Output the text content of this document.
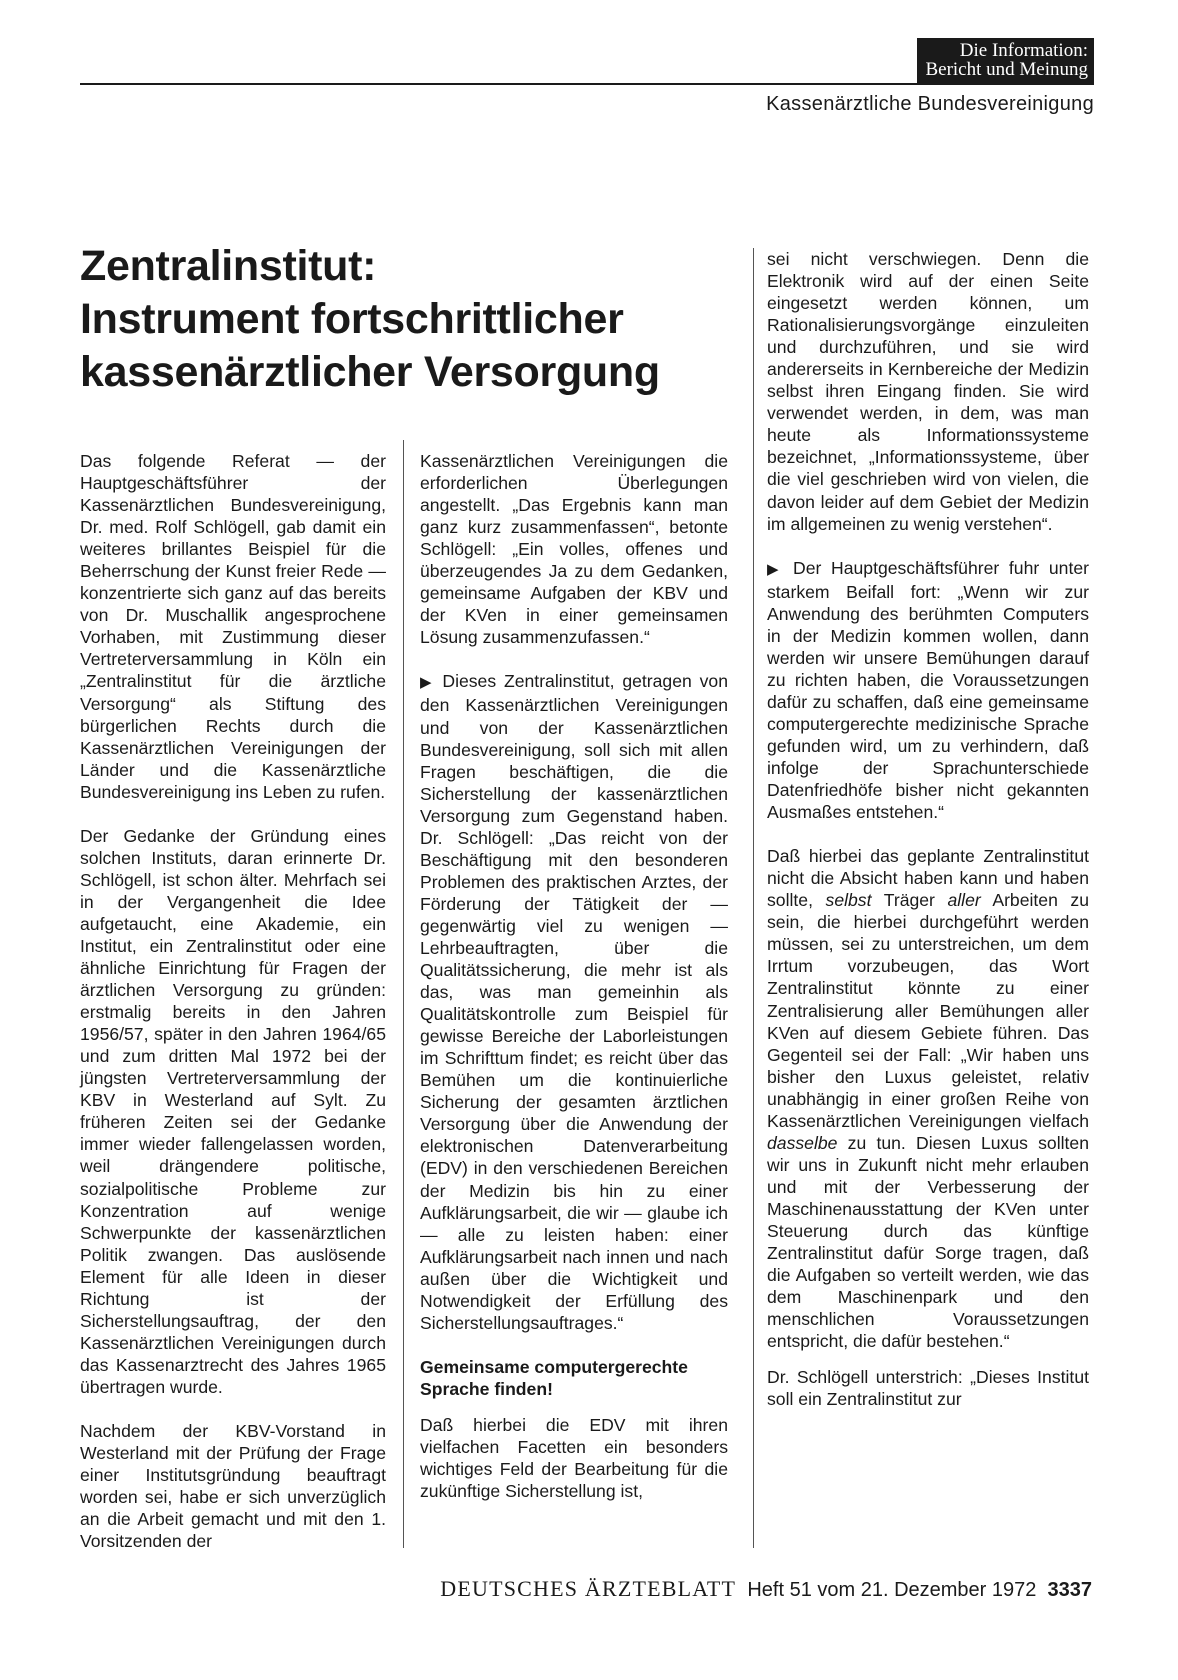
Die Information:
Bericht und Meinung
Kassenärztliche Bundesvereinigung
Zentralinstitut:
Instrument fortschrittlicher
kassenärztlicher Versorgung

Das folgende Referat — der Hauptgeschäftsführer der Kassenärztlichen Bundesvereinigung, Dr. med. Rolf Schlögell, gab damit ein weiteres brillantes Beispiel für die Beherrschung der Kunst freier Rede — konzentrierte sich ganz auf das bereits von Dr. Muschallik angesprochene Vorhaben, mit Zustimmung dieser Vertreterversammlung in Köln ein „Zentralinstitut für die ärztliche Versorgung“ als Stiftung des bürgerlichen Rechts durch die Kassenärztlichen Vereinigungen der Länder und die Kassenärztliche Bundesvereinigung ins Leben zu rufen.

Der Gedanke der Gründung eines solchen Instituts, daran erinnerte Dr. Schlögell, ist schon älter. Mehrfach sei in der Vergangenheit die Idee aufgetaucht, eine Akademie, ein Institut, ein Zentralinstitut oder eine ähnliche Einrichtung für Fragen der ärztlichen Versorgung zu gründen: erstmalig bereits in den Jahren 1956/57, später in den Jahren 1964/65 und zum dritten Mal 1972 bei der jüngsten Vertreterversammlung der KBV in Westerland auf Sylt. Zu früheren Zeiten sei der Gedanke immer wieder fallengelassen worden, weil drängendere politische, sozialpolitische Probleme zur Konzentration auf wenige Schwerpunkte der kassenärztlichen Politik zwangen. Das auslösende Element für alle Ideen in dieser Richtung ist der Sicherstellungsauftrag, der den Kassenärztlichen Vereinigungen durch das Kassenarztrecht des Jahres 1965 übertragen wurde.

Nachdem der KBV-Vorstand in Westerland mit der Prüfung der Frage einer Institutsgründung beauftragt worden sei, habe er sich unverzüglich an die Arbeit gemacht und mit den 1. Vorsitzenden der

Kassenärztlichen Vereinigungen die erforderlichen Überlegungen angestellt. „Das Ergebnis kann man ganz kurz zusammenfassen“, betonte Schlögell: „Ein volles, offenes und überzeugendes Ja zu dem Gedanken, gemeinsame Aufgaben der KBV und der KVen in einer gemeinsamen Lösung zusammenzufassen.“

▶ Dieses Zentralinstitut, getragen von den Kassenärztlichen Vereinigungen und von der Kassenärztlichen Bundesvereinigung, soll sich mit allen Fragen beschäftigen, die die Sicherstellung der kassenärztlichen Versorgung zum Gegenstand haben. Dr. Schlögell: „Das reicht von der Beschäftigung mit den besonderen Problemen des praktischen Arztes, der Förderung der Tätigkeit der — gegenwärtig viel zu wenigen — Lehrbeauftragten, über die Qualitätssicherung, die mehr ist als das, was man gemeinhin als Qualitätskontrolle zum Beispiel für gewisse Bereiche der Laborleistungen im Schrifttum findet; es reicht über das Bemühen um die kontinuierliche Sicherung der gesamten ärztlichen Versorgung über die Anwendung der elektronischen Datenverarbeitung (EDV) in den verschiedenen Bereichen der Medizin bis hin zu einer Aufklärungsarbeit, die wir — glaube ich — alle zu leisten haben: einer Aufklärungsarbeit nach innen und nach außen über die Wichtigkeit und Notwendigkeit der Erfüllung des Sicherstellungsauftrages.“

Gemeinsame computergerechte
Sprache finden!

Daß hierbei die EDV mit ihren vielfachen Facetten ein besonders wichtiges Feld der Bearbeitung für die zukünftige Sicherstellung ist,

sei nicht verschwiegen. Denn die Elektronik wird auf der einen Seite eingesetzt werden können, um Rationalisierungsvorgänge einzuleiten und durchzuführen, und sie wird andererseits in Kernbereiche der Medizin selbst ihren Eingang finden. Sie wird verwendet werden, in dem, was man heute als Informationssysteme bezeichnet, „Informationssysteme, über die viel geschrieben wird von vielen, die davon leider auf dem Gebiet der Medizin im allgemeinen zu wenig verstehen“.

▶ Der Hauptgeschäftsführer fuhr unter starkem Beifall fort: „Wenn wir zur Anwendung des berühmten Computers in der Medizin kommen wollen, dann werden wir unsere Bemühungen darauf zu richten haben, die Voraussetzungen dafür zu schaffen, daß eine gemeinsame computergerechte medizinische Sprache gefunden wird, um zu verhindern, daß infolge der Sprachunterschiede Datenfriedhöfe bisher nicht gekannten Ausmaßes entstehen.“

Daß hierbei das geplante Zentralinstitut nicht die Absicht haben kann und haben sollte, selbst Träger aller Arbeiten zu sein, die hierbei durchgeführt werden müssen, sei zu unterstreichen, um dem Irrtum vorzubeugen, das Wort Zentralinstitut könnte zu einer Zentralisierung aller Bemühungen aller KVen auf diesem Gebiete führen. Das Gegenteil sei der Fall: „Wir haben uns bisher den Luxus geleistet, relativ unabhängig in einer großen Reihe von Kassenärztlichen Vereinigungen vielfach dasselbe zu tun. Diesen Luxus sollten wir uns in Zukunft nicht mehr erlauben und mit der Verbesserung der Maschinenausstattung der KVen unter Steuerung durch das künftige Zentralinstitut dafür Sorge tragen, daß die Aufgaben so verteilt werden, wie das dem Maschinenpark und den menschlichen Voraussetzungen entspricht, die dafür bestehen.“

Dr. Schlögell unterstrich: „Dieses Institut soll ein Zentralinstitut zur

DEUTSCHES ÄRZTEBLATT Heft 51 vom 21. Dezember 1972 3337
